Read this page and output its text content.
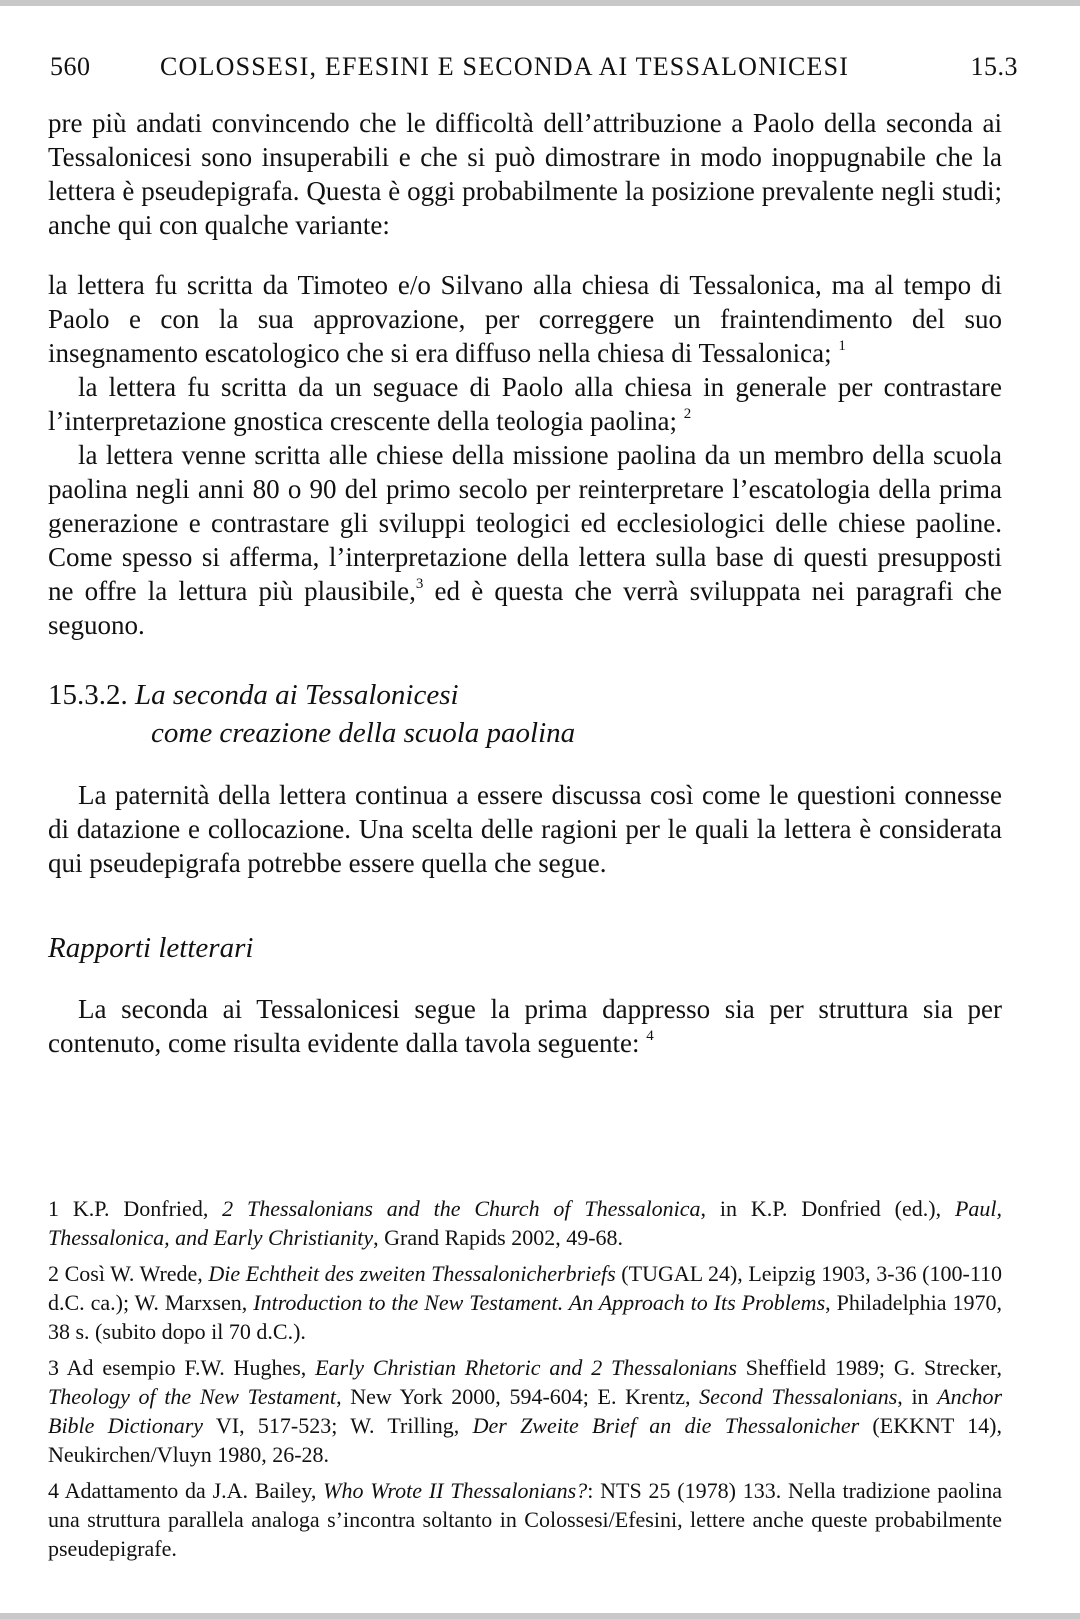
560	COLOSSESI, EFESINI E SECONDA AI TESSALONICESI	15.3

pre più andati convincendo che le difficoltà dell’attribuzione a Paolo della seconda ai Tessalonicesi sono insuperabili e che si può dimostrare in modo inoppugnabile che la lettera è pseudepigrafa. Questa è oggi probabilmente la posizione prevalente negli studi; anche qui con qualche variante:

la lettera fu scritta da Timoteo e/o Silvano alla chiesa di Tessalonica, ma al tempo di Paolo e con la sua approvazione, per correggere un fraintendimento del suo insegnamento escatologico che si era diffuso nella chiesa di Tessalonica; $^1$

la lettera fu scritta da un seguace di Paolo alla chiesa in generale per contrastare l’interpretazione gnostica crescente della teologia paolina; $^2$

la lettera venne scritta alle chiese della missione paolina da un membro della scuola paolina negli anni 80 o 90 del primo secolo per reinterpretare l’escatologia della prima generazione e contrastare gli sviluppi teologici ed ecclesiologici delle chiese paoline. Come spesso si afferma, l’interpretazione della lettera sulla base di questi presupposti ne offre la lettura più plausibile,$^3$ ed è questa che verrà sviluppata nei paragrafi che seguono.

15.3.2. La seconda ai Tessalonicesi
come creazione della scuola paolina

La paternità della lettera continua a essere discussa così come le questioni connesse di datazione e collocazione. Una scelta delle ragioni per le quali la lettera è considerata qui pseudepigrafa potrebbe essere quella che segue.

Rapporti letterari

La seconda ai Tessalonicesi segue la prima dappresso sia per struttura sia per contenuto, come risulta evidente dalla tavola seguente: $^4$

1 K.P. Donfried, 2 Thessalonians and the Church of Thessalonica, in K.P. Donfried (ed.), Paul, Thessalonica, and Early Christianity, Grand Rapids 2002, 49-68.

2 Così W. Wrede, Die Echtheit des zweiten Thessalonicherbriefs (TUGAL 24), Leipzig 1903, 3-36 (100-110 d.C. ca.); W. Marxsen, Introduction to the New Testament. An Approach to Its Problems, Philadelphia 1970, 38 s. (subito dopo il 70 d.C.).

3 Ad esempio F.W. Hughes, Early Christian Rhetoric and 2 Thessalonians Sheffield 1989; G. Strecker, Theology of the New Testament, New York 2000, 594-604; E. Krentz, Second Thessalonians, in Anchor Bible Dictionary VI, 517-523; W. Trilling, Der Zweite Brief an die Thessalonicher (EKKNT 14), Neukirchen/Vluyn 1980, 26-28.

4 Adattamento da J.A. Bailey, Who Wrote II Thessalonians?: NTS 25 (1978) 133. Nella tradizione paolina una struttura parallela analoga s’incontra soltanto in Colossesi/Efesini, lettere anche queste probabilmente pseudepigrafe.
